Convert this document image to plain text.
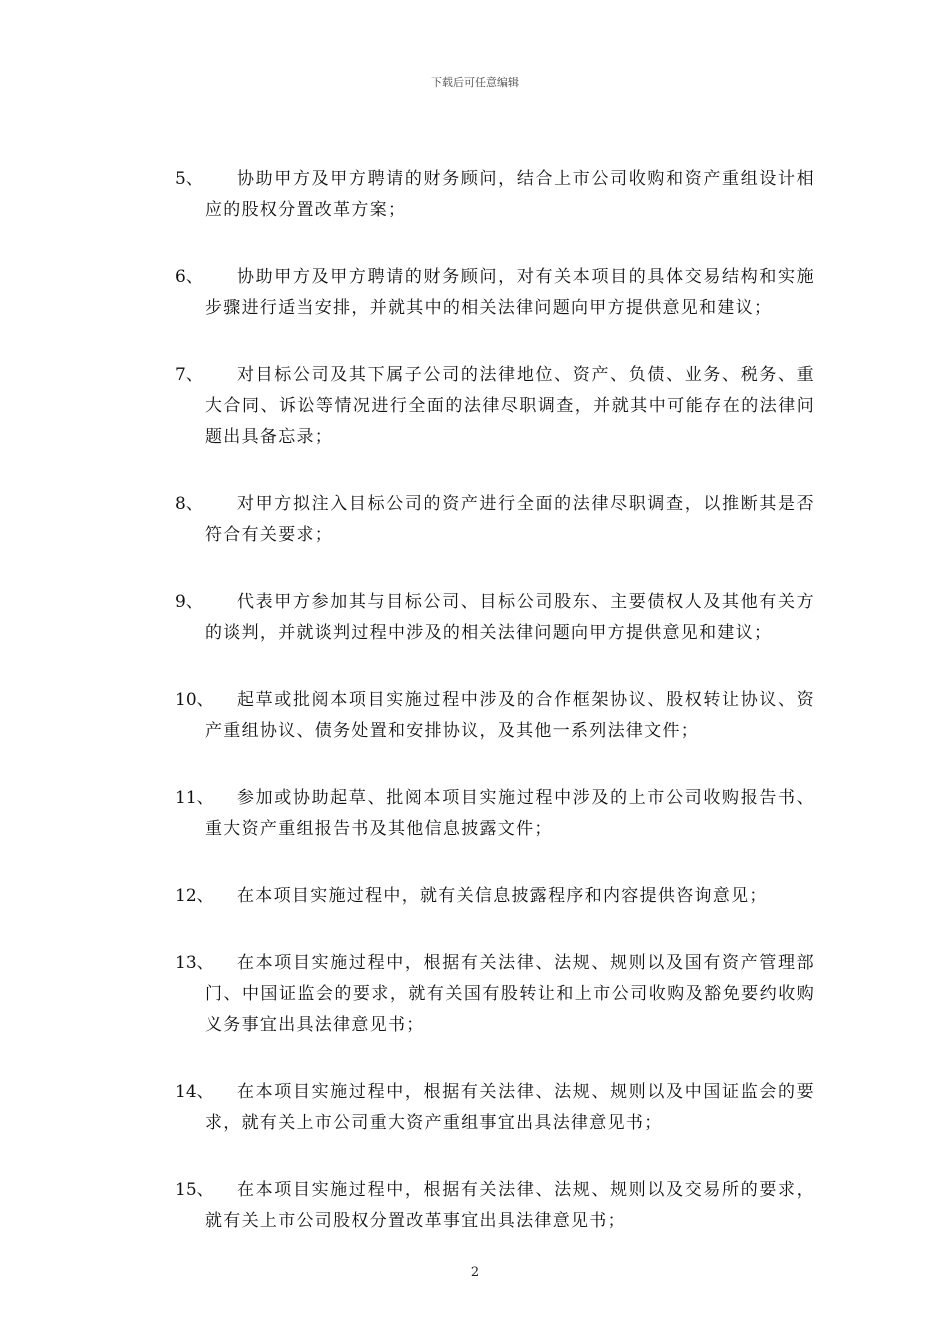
下载后可任意编辑
5、	协助甲方及甲方聘请的财务顾问，结合上市公司收购和资产重组设计相应的股权分置改革方案；
6、	协助甲方及甲方聘请的财务顾问，对有关本项目的具体交易结构和实施步骤进行适当安排，并就其中的相关法律问题向甲方提供意见和建议；
7、	对目标公司及其下属子公司的法律地位、资产、负债、业务、税务、重大合同、诉讼等情况进行全面的法律尽职调查，并就其中可能存在的法律问题出具备忘录；
8、	对甲方拟注入目标公司的资产进行全面的法律尽职调查，以推断其是否符合有关要求；
9、	代表甲方参加其与目标公司、目标公司股东、主要债权人及其他有关方的谈判，并就谈判过程中涉及的相关法律问题向甲方提供意见和建议；
10、	起草或批阅本项目实施过程中涉及的合作框架协议、股权转让协议、资产重组协议、债务处置和安排协议，及其他一系列法律文件；
11、	参加或协助起草、批阅本项目实施过程中涉及的上市公司收购报告书、重大资产重组报告书及其他信息披露文件；
12、	在本项目实施过程中，就有关信息披露程序和内容提供咨询意见；
13、	在本项目实施过程中，根据有关法律、法规、规则以及国有资产管理部门、中国证监会的要求，就有关国有股转让和上市公司收购及豁免要约收购义务事宜出具法律意见书；
14、	在本项目实施过程中，根据有关法律、法规、规则以及中国证监会的要求，就有关上市公司重大资产重组事宜出具法律意见书；
15、	在本项目实施过程中，根据有关法律、法规、规则以及交易所的要求，就有关上市公司股权分置改革事宜出具法律意见书；
2
